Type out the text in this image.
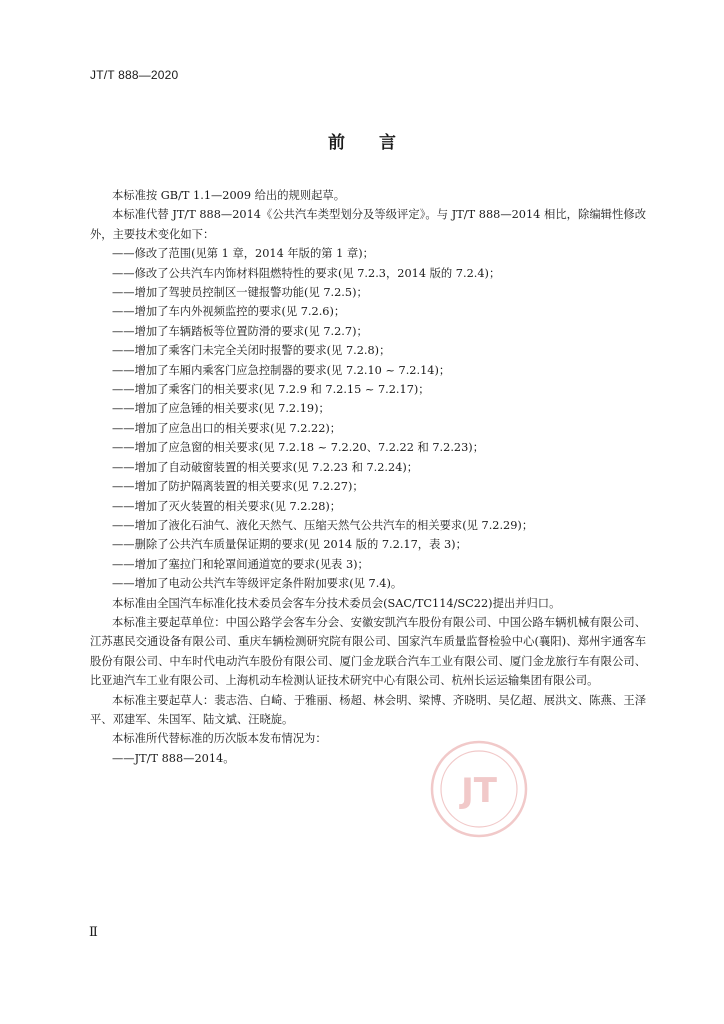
JT/T 888—2020
前 言
本标准按 GB/T 1.1—2009 给出的规则起草。
本标准代替 JT/T 888—2014《公共汽车类型划分及等级评定》。与 JT/T 888—2014 相比，除编辑性修改外，主要技术变化如下：
——修改了范围(见第 1 章，2014 年版的第 1 章)；
——修改了公共汽车内饰材料阻燃特性的要求(见 7.2.3，2014 版的 7.2.4)；
——增加了驾驶员控制区一键报警功能(见 7.2.5)；
——增加了车内外视频监控的要求(见 7.2.6)；
——增加了车辆踏板等位置防滑的要求(见 7.2.7)；
——增加了乘客门未完全关闭时报警的要求(见 7.2.8)；
——增加了车厢内乘客门应急控制器的要求(见 7.2.10 ~ 7.2.14)；
——增加了乘客门的相关要求(见 7.2.9 和 7.2.15 ~ 7.2.17)；
——增加了应急锤的相关要求(见 7.2.19)；
——增加了应急出口的相关要求(见 7.2.22)；
——增加了应急窗的相关要求(见 7.2.18 ~ 7.2.20、7.2.22 和 7.2.23)；
——增加了自动破窗装置的相关要求(见 7.2.23 和 7.2.24)；
——增加了防护隔离装置的相关要求(见 7.2.27)；
——增加了灭火装置的相关要求(见 7.2.28)；
——增加了液化石油气、液化天然气、压缩天然气公共汽车的相关要求(见 7.2.29)；
——删除了公共汽车质量保证期的要求(见 2014 版的 7.2.17，表 3)；
——增加了塞拉门和轮罩间通道宽的要求(见表 3)；
——增加了电动公共汽车等级评定条件附加要求(见 7.4)。
本标准由全国汽车标准化技术委员会客车分技术委员会(SAC/TC114/SC22)提出并归口。
本标准主要起草单位：中国公路学会客车分会、安徽安凯汽车股份有限公司、中国公路车辆机械有限公司、江苏惠民交通设备有限公司、重庆车辆检测研究院有限公司、国家汽车质量监督检验中心(襄阳)、郑州宇通客车股份有限公司、中车时代电动汽车股份有限公司、厦门金龙联合汽车工业有限公司、厦门金龙旅行车有限公司、比亚迪汽车工业有限公司、上海机动车检测认证技术研究中心有限公司、杭州长运运输集团有限公司。
本标准主要起草人：裴志浩、白崎、于雅丽、杨超、林会明、梁博、齐晓明、吴亿超、展洪文、陈燕、王泽平、邓建军、朱国军、陆文斌、汪晓旋。
本标准所代替标准的历次版本发布情况为：
——JT/T 888—2014。
JT
Ⅱ
